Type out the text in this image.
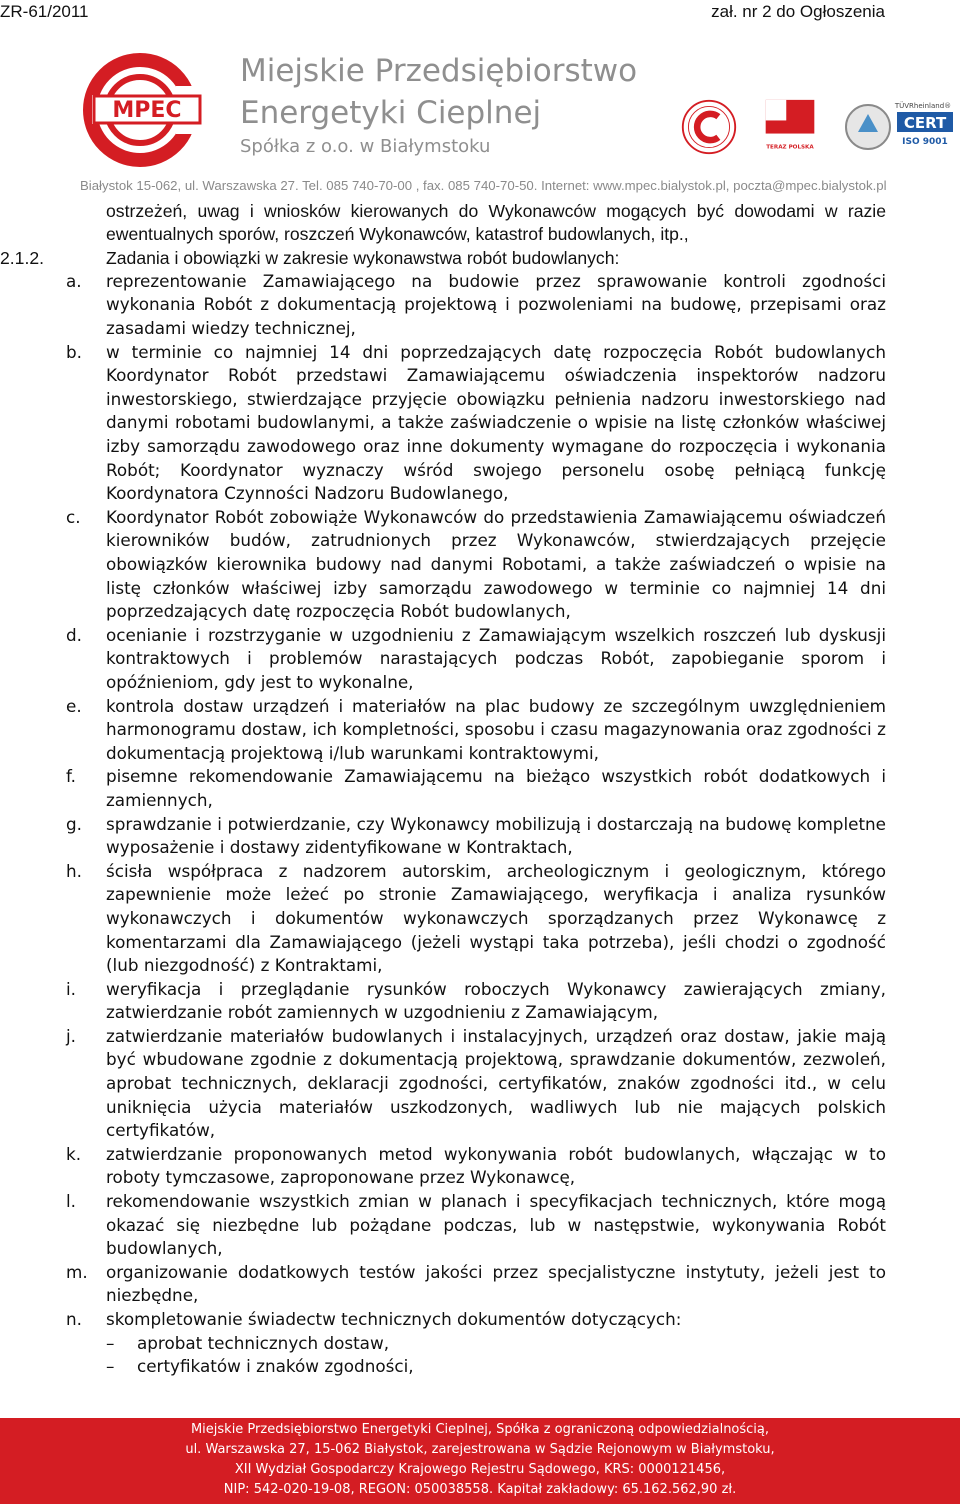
ZR-61/2011	zał. nr 2 do Ogłoszenia
MPEC
Miejskie Przedsiębiorstwo
Energetyki Cieplnej
Spółka z o.o. w Białymstoku	TERAZ POLSKA
TÜVRheinland®
CERT
ISO 9001
Białystok 15-062, ul. Warszawska 27. Tel. 085 740-70-00 , fax. 085 740-70-50. Internet: www.mpec.bialystok.pl, poczta@mpec.bialystok.pl
ostrzeżeń, uwag i wniosków kierowanych do Wykonawców mogących być dowodami w razie ewentualnych sporów, roszczeń Wykonawców, katastrof budowlanych, itp.,
2.1.2.	Zadania i obowiązki w zakresie wykonawstwa robót budowlanych:
a. reprezentowanie Zamawiającego na budowie przez sprawowanie kontroli zgodności wykonania Robót z dokumentacją projektową i pozwoleniami na budowę, przepisami oraz zasadami wiedzy technicznej,
b. w terminie co najmniej 14 dni poprzedzających datę rozpoczęcia Robót budowlanych Koordynator Robót przedstawi Zamawiającemu oświadczenia inspektorów nadzoru inwestorskiego, stwierdzające przyjęcie obowiązku pełnienia nadzoru inwestorskiego nad danymi robotami budowlanymi, a także zaświadczenie o wpisie na listę członków właściwej izby samorządu zawodowego oraz inne dokumenty wymagane do rozpoczęcia i wykonania Robót; Koordynator wyznaczy wśród swojego personelu osobę pełniącą funkcję Koordynatora Czynności Nadzoru Budowlanego,
c. Koordynator Robót zobowiąże Wykonawców do przedstawienia Zamawiającemu oświadczeń kierowników budów, zatrudnionych przez Wykonawców, stwierdzających przejęcie obowiązków kierownika budowy nad danymi Robotami, a także zaświadczeń o wpisie na listę członków właściwej izby samorządu zawodowego w terminie co najmniej 14 dni poprzedzających datę rozpoczęcia Robót budowlanych,
d. ocenianie i rozstrzyganie w uzgodnieniu z Zamawiającym wszelkich roszczeń lub dyskusji kontraktowych i problemów narastających podczas Robót, zapobieganie sporom i opóźnieniom, gdy jest to wykonalne,
e. kontrola dostaw urządzeń i materiałów na plac budowy ze szczególnym uwzględnieniem harmonogramu dostaw, ich kompletności, sposobu i czasu magazynowania oraz zgodności z dokumentacją projektową i/lub warunkami kontraktowymi,
f. pisemne rekomendowanie Zamawiającemu na bieżąco wszystkich robót dodatkowych i zamiennych,
g. sprawdzanie i potwierdzanie, czy Wykonawcy mobilizują i dostarczają na budowę kompletne wyposażenie i dostawy zidentyfikowane w Kontraktach,
h. ścisła współpraca z nadzorem autorskim, archeologicznym i geologicznym, którego zapewnienie może leżeć po stronie Zamawiającego, weryfikacja i analiza rysunków wykonawczych i dokumentów wykonawczych sporządzanych przez Wykonawcę z komentarzami dla Zamawiającego (jeżeli wystąpi taka potrzeba), jeśli chodzi o zgodność (lub niezgodność) z Kontraktami,
i. weryfikacja i przeglądanie rysunków roboczych Wykonawcy zawierających zmiany, zatwierdzanie robót zamiennych w uzgodnieniu z Zamawiającym,
j. zatwierdzanie materiałów budowlanych i instalacyjnych, urządzeń oraz dostaw, jakie mają być wbudowane zgodnie z dokumentacją projektową, sprawdzanie dokumentów, zezwoleń, aprobat technicznych, deklaracji zgodności, certyfikatów, znaków zgodności itd., w celu uniknięcia użycia materiałów uszkodzonych, wadliwych lub nie mających polskich certyfikatów,
k. zatwierdzanie proponowanych metod wykonywania robót budowlanych, włączając w to roboty tymczasowe, zaproponowane przez Wykonawcę,
l. rekomendowanie wszystkich zmian w planach i specyfikacjach technicznych, które mogą okazać się niezbędne lub pożądane podczas, lub w następstwie, wykonywania Robót budowlanych,
m. organizowanie dodatkowych testów jakości przez specjalistyczne instytuty, jeżeli jest to niezbędne,
n. skompletowanie świadectw technicznych dokumentów dotyczących:
– aprobat technicznych dostaw,
– certyfikatów i znaków zgodności,
Miejskie Przedsiębiorstwo Energetyki Cieplnej, Spółka z ograniczoną odpowiedzialnością,
ul. Warszawska 27, 15-062 Białystok, zarejestrowana w Sądzie Rejonowym w Białymstoku,
XII Wydział Gospodarczy Krajowego Rejestru Sądowego, KRS: 0000121456,
NIP: 542-020-19-08, REGON: 050038558. Kapitał zakładowy: 65.162.562,90 zł.
